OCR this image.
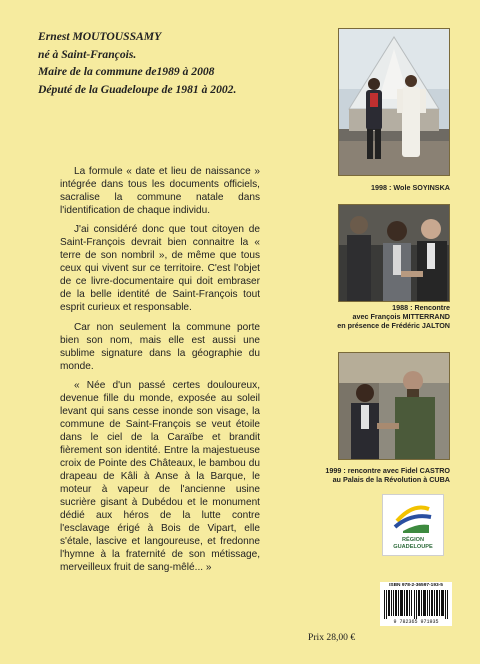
Ernest MOUTOUSSAMY
né à Saint-François.
Maire de la commune de1989 à 2008
Député de la Guadeloupe de 1981 à 2002.

La formule « date et lieu de naissance » intégrée dans tous les documents officiels, sacralise la commune natale dans l'identification de chaque individu.

J'ai considéré donc que tout citoyen de Saint-François devrait bien connaitre la « terre de son nombril », de même que tous ceux qui vivent sur ce territoire. C'est l'objet de ce livre-documentaire qui doit embraser de la belle identité de Saint-François tout esprit curieux et responsable.

Car non seulement la commune porte bien son nom, mais elle est aussi une sublime signature dans la géographie du monde.

« Née d'un passé certes douloureux, devenue fille du monde, exposée au soleil levant qui sans cesse inonde son visage, la commune de Saint-François se veut étoile dans le ciel de la Caraïbe et brandit fièrement son identité. Entre la majestueuse croix de Pointe des Châteaux, le bambou du drapeau de Kâli à Anse à la Barque, le moteur à vapeur de l'ancienne usine sucrière gisant à Dubédou et le monument dédié aux héros de la lutte contre l'esclavage érigé à Bois de Vipart, elle s'étale, lascive et langoureuse, et fredonne l'hymne à la fraternité de son métissage, merveilleux fruit de sang-mêlé... »

1998 : Wole SOYINSKA
1988 : Rencontre
avec François MITTERRAND
en présence de Frédéric JALTON
1999 : rencontre avec Fidel CASTRO
au Palais de la Révolution à CUBA
RÉGION
GUADELOUPE
ISBN 978-2-36597-193-5
9 782365 971935
Prix 28,00 €
